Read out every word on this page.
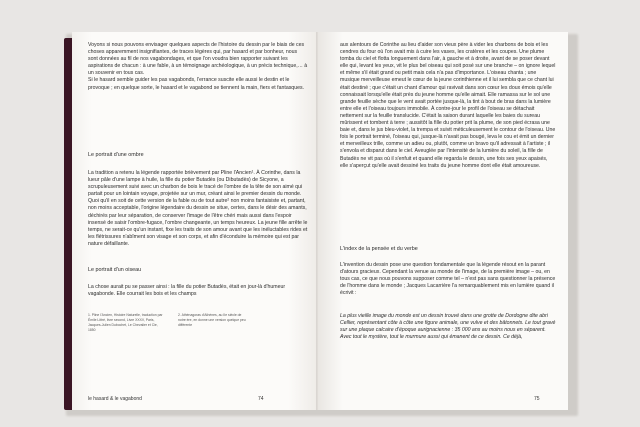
Voyons si nous pouvons envisager quelques aspects de l'histoire du dessin par le biais de ces choses apparemment insignifiantes, de traces légères qui, par hasard et par bonheur, nous sont données au fil de nos vagabondages, et que l'on voudra bien rapporter suivant les aspirations de chacun : à une fable, à un témoignage archéologique, à un précis technique,… à un souvenir en tous cas.

Si le hasard semble guider les pas vagabonds, l'errance suscite elle aussi le destin et le provoque ; en quelque sorte, le hasard et le vagabond se tiennent la main, fiers et fantasques.

Le portrait d'une ombre
La tradition a retenu la légende rapportée brièvement par Pline l'Ancien¹. À Corinthe, dans la lueur pâle d'une lampe à huile, la fille du potier Butadès (ou Dibutadès) de Sicyone, a scrupuleusement suivi avec un charbon de bois le tracé de l'ombre de la tête de son aimé qui partait pour un lointain voyage, projetée sur un mur, créant ainsi le premier dessin du monde. Quoi qu'il en soit de cette version de la fable ou de tout autre² non moins fantaisiste et, partant, non moins acceptable, l'origine légendaire du dessin se situe, certes, dans le désir des amants, déchirés par leur séparation, de conserver l'image de l'être chéri mais aussi dans l'espoir insensé de saisir l'ombre-fugace, l'ombre changeante, un temps heureux. La jeune fille arrête le temps, ne serait-ce qu'un instant, fixe les traits de son amour avant que les inéluctables rides et les flétrissures n'abîment son visage et son corps, et afin d'éconduire la mémoire qui est par nature défaillante.
Le portrait d'un oiseau
La chose aurait pu se passer ainsi : la fille du potier Butadès, était en jour-là d'humeur vagabonde. Elle courrait les bois et les champs
1. Pline l'Ancien, Histoire Naturelle, traduction par Émile Littré, livre second, Livre XXXV, Paris, Jacques-Julien Dubochet, Le Chevalier et Cie, 1850
2. Athénagoras d'Athènes, au IIe siècle de notre ère, en donne une version quelque peu différente
le hasard & le vagabond	74
aux alentours de Corinthe au lieu d'aider son vieux père à vider les charbons de bois et les cendres du four où l'on avait mis à cuire les vases, les cratères et les coupes. Une plume tomba du ciel et flotta longuement dans l'air, à gauche et à droite, avant de se poser devant elle qui, levant les yeux, vit le plus bel oiseau qui soit posé sur une branche – on ignore lequel et même s'il était grand ou petit mais cela n'a pas d'importance. L'oiseau chanta ; une musique merveilleuse emeut le cœur de la jeune corinthienne et il lui sembla que ce chant lui était destiné ; que c'était un chant d'amour qui ravivait dans son cœur les doux émois qu'elle connaissait lorsqu'elle était près du jeune homme qu'elle aimait. Elle ramassa sur le sol une grande feuille sèche que le vent avait portée jusque-là, la tint à bout de bras dans la lumière entre elle et l'oiseau toujours immobile. À contre-jour le profil de l'oiseau se détachait nettement sur la feuille translucide. C'était la saison durant laquelle les baies du sureau mûrissent et tombent à terre ; aussitôt la fille du potier prit la plume, de son pied écrasa une baie et, dans le jus bleu-violet, la trempa et suivit méticuleusement le contour de l'oiseau. Une fois le portrait terminé, l'oiseau qui, jusque-là n'avait pas bougé, leva le cou et émit un dernier et merveilleux trille, comme un adieu ou, plutôt, comme un bravo qu'il adressait à l'artiste ; il s'envola et disparut dans le ciel. Aveuglée par l'intensité de la lumière du soleil, la fille de Butadès ne vit pas où il s'enfuit et quand elle regarda le dessin, une fois ses yeux apaisés, elle s'aperçut qu'elle avait dessiné les traits du jeune homme dont elle était amoureuse.
L'index de la pensée et du verbe
L'invention du dessin pose une question fondamentale que la légende résout en la parant d'atours gracieux. Cependant la venue au monde de l'image, de la première image – ou, en tous cas, ce que nous pouvons supposer comme tel – n'est pas sans questionner la présence de l'homme dans le monde ; Jacques Lacarrière l'a remarquablement mis en lumière quand il écrivit :
La plus vieille image du monde est un dessin trouvé dans une grotte de Dordogne dite abri Cellier, représentant côte à côte une figure animale, une vulve et des bâtonnets. Le tout gravé sur une plaque calcaire d'époque aurignacienne : 35 000 ans au moins nous en séparent. Avec tout le mystère, tout le murmure aussi qui émanent de ce dessin. Ce déjà,
75
